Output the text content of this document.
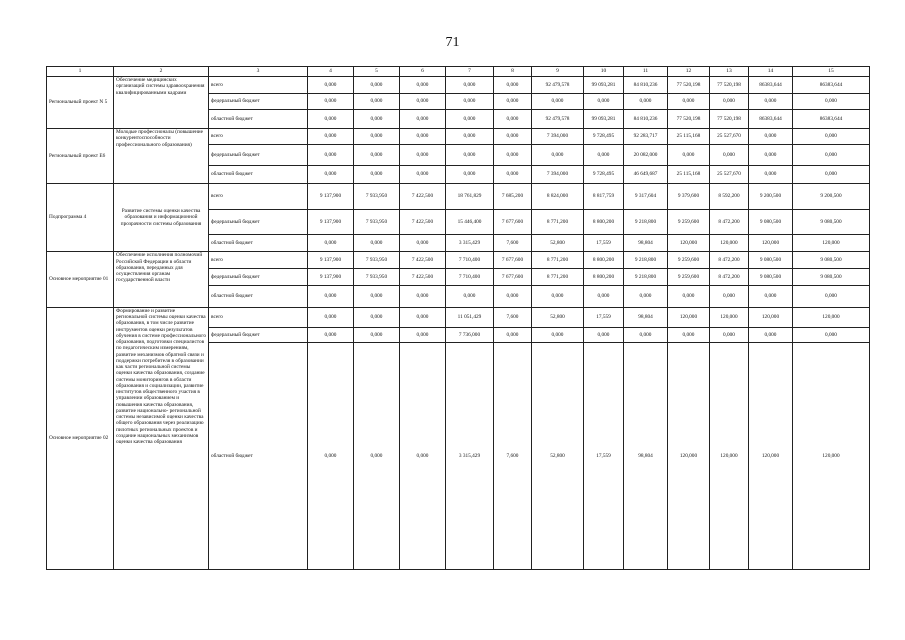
71
1	2	3	4	5	6	7	8	9	10	11	12	13	14	15
Региональный проект N 5	Обеспечение медицинских организаций системы здравоохранения квалифицированными кадрами	всего	0,000	0,000	0,000	0,000	0,000	92 479,578	99 093,281	84 810,236	77 520,198	77 520,198	86383,644	86383,644
		федеральный бюджет	0,000	0,000	0,000	0,000	0,000	0,000	0,000	0,000	0,000	0,000	0,000	0,000
		областной бюджет	0,000	0,000	0,000	0,000	0,000	92 479,578	99 093,281	84 810,236	77 520,198	77 520,198	86383,644	86383,644
Региональный проект Е6	Молодые профессионалы (повышение конкурентоспособности профессионального образования)	всего	0,000	0,000	0,000	0,000	0,000	7 394,000	9 728,495	92 283,717	25 115,168	25 527,670	0,000	0,000
		федеральный бюджет	0,000	0,000	0,000	0,000	0,000	0,000	0,000	20 082,000	0,000	0,000	0,000	0,000
		областной бюджет	0,000	0,000	0,000	0,000	0,000	7 394,000	9 728,495	46 649,687	25 115,168	25 527,670	0,000	0,000
Подпрограмма 4	Развитие системы оценки качества образования и информационной прозрачности системы образования	всего	9 137,900	7 933,950	7 422,500	18 761,829	7 685,200	8 824,000	8 817,759	9 317,604	9 379,600	8 592,200	9 200,500	9 200,500
		федеральный бюджет	9 137,900	7 933,950	7 422,500	15 446,400	7 677,600	8 771,200	8 800,200	9 218,800	9 259,600	8 472,200	9 080,500	9 080,500
		областной бюджет	0,000	0,000	0,000	3 315,429	7,600	52,800	17,559	98,804	120,000	120,000	120,000	120,000
Основное мероприятие 01	Обеспечение исполнения полномочий Российской Федерации в области образования, переданных для осуществления органам государственной власти	всего	9 137,900	7 933,950	7 422,500	7 710,400	7 677,600	8 771,200	8 800,200	9 218,800	9 259,600	8 472,200	9 080,500	9 080,500
		федеральный бюджет	9 137,900	7 933,950	7 422,500	7 710,400	7 677,600	8 771,200	8 800,200	9 218,800	9 259,600	8 472,200	9 080,500	9 080,500
		областной бюджет	0,000	0,000	0,000	0,000	0,000	0,000	0,000	0,000	0,000	0,000	0,000	0,000
Основное мероприятие 02	Формирование и развитие региональной системы оценки качества образования, в том числе развитие инструментов оценки результатов обучения в системе профессионального образования, подготовки специалистов по педагогическим измерениям, развитие механизмов обратной связи и поддержки потребителя в образовании как части региональной системы оценки качества образования, создание системы мониторингов в области образования и социализации, развитие институтов общественного участия в управлении образованием и повышения качества образования, развитие национально- региональной системы независимой оценки качества общего образования через реализацию пилотных региональных проектов и создание национальных механизмов оценки качества образования	всего	0,000	0,000	0,000	11 051,429	7,600	52,800	17,559	98,804	120,000	120,000	120,000	120,000
		федеральный бюджет	0,000	0,000	0,000	7 736,000	0,000	0,000	0,000	0,000	0,000	0,000	0,000	0,000
		областной бюджет	0,000	0,000	0,000	3 315,429	7,600	52,800	17,559	98,804	120,000	120,000	120,000	120,000
